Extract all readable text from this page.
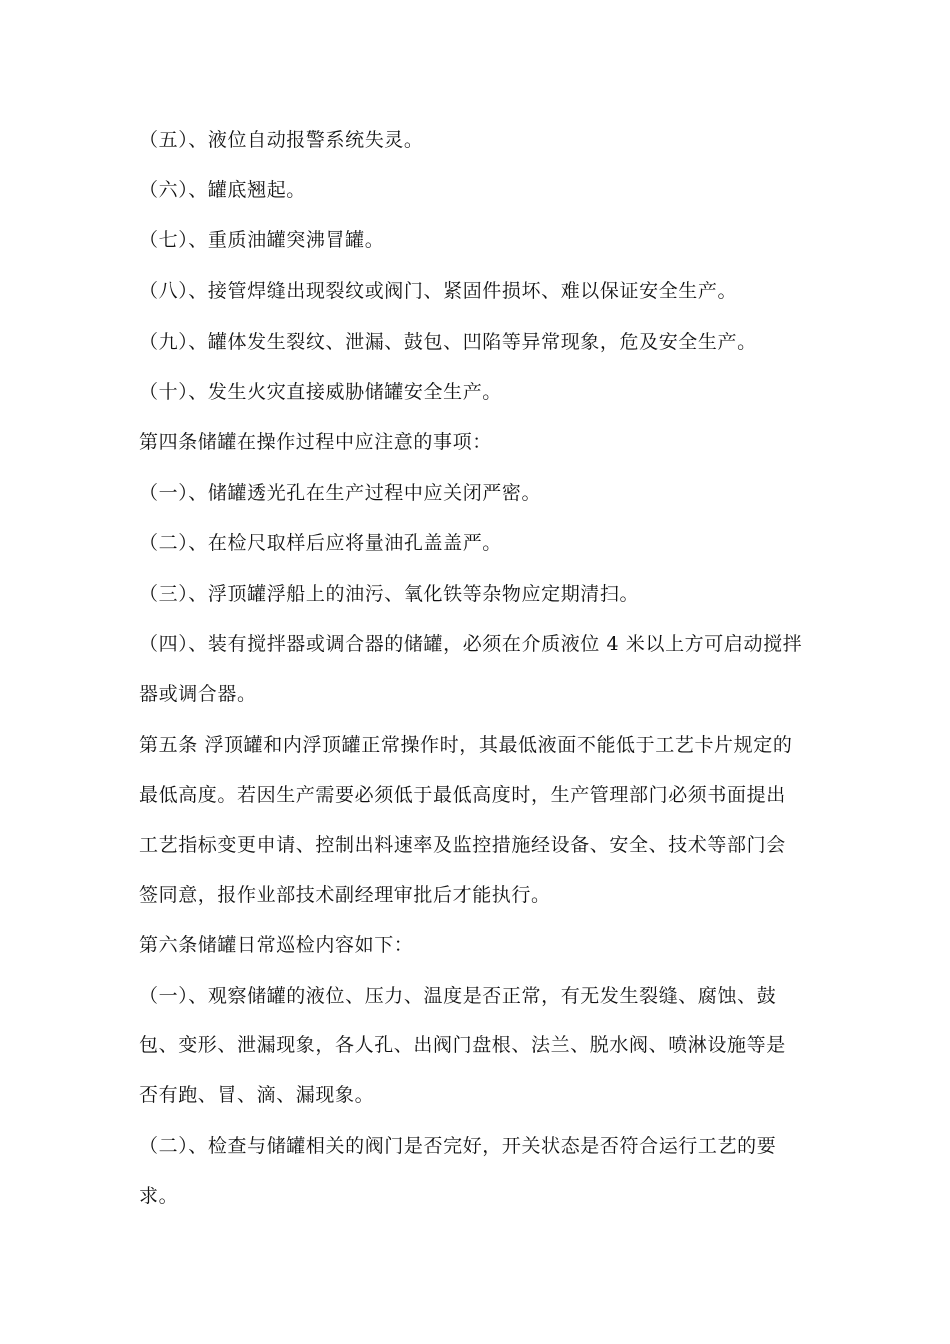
（五）、液位自动报警系统失灵。
（六）、罐底翘起。
（七）、重质油罐突沸冒罐。
（八）、接管焊缝出现裂纹或阀门、紧固件损坏、难以保证安全生产。
（九）、罐体发生裂纹、泄漏、鼓包、凹陷等异常现象，危及安全生产。
（十）、发生火灾直接威胁储罐安全生产。
第四条储罐在操作过程中应注意的事项：
（一）、储罐透光孔在生产过程中应关闭严密。
（二）、在检尺取样后应将量油孔盖盖严。
（三）、浮顶罐浮船上的油污、氧化铁等杂物应定期清扫。
（四）、装有搅拌器或调合器的储罐，必须在介质液位 4 米以上方可启动搅拌
器或调合器。
第五条 浮顶罐和内浮顶罐正常操作时，其最低液面不能低于工艺卡片规定的
最低高度。若因生产需要必须低于最低高度时，生产管理部门必须书面提出
工艺指标变更申请、控制出料速率及监控措施经设备、安全、技术等部门会
签同意，报作业部技术副经理审批后才能执行。
第六条储罐日常巡检内容如下：
（一）、观察储罐的液位、压力、温度是否正常，有无发生裂缝、腐蚀、鼓
包、变形、泄漏现象，各人孔、出阀门盘根、法兰、脱水阀、喷淋设施等是
否有跑、冒、滴、漏现象。
（二）、检查与储罐相关的阀门是否完好，开关状态是否符合运行工艺的要
求。
